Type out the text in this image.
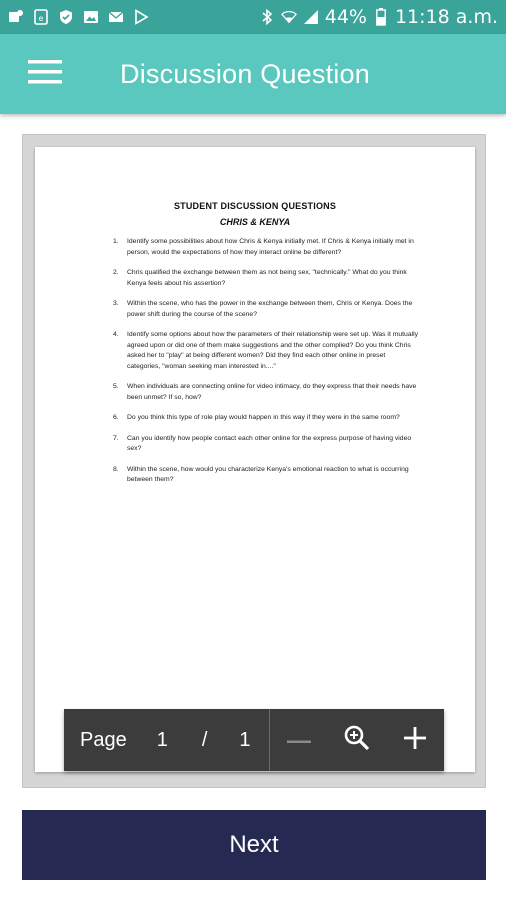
e	44% 11:18 a.m.
Discussion Question
STUDENT DISCUSSION QUESTIONS
CHRIS & KENYA
1.	Identify some possibilities about how Chris & Kenya initially met. If Chris & Kenya initially met in person, would the expectations of how they interact online be different?
2.	Chris qualified the exchange between them as not being sex, "technically." What do you think Kenya feels about his assertion?
3.	Within the scene, who has the power in the exchange between them, Chris or Kenya. Does the power shift during the course of the scene?
4.	Identify some options about how the parameters of their relationship were set up. Was it mutually agreed upon or did one of them make suggestions and the other complied? Do you think Chris asked her to "play" at being different women? Did they find each other online in preset categories, "woman seeking man interested in...."
5.	When individuals are connecting online for video intimacy, do they express that their needs have been unmet? If so, how?
6.	Do you think this type of role play would happen in this way if they were in the same room?
7.	Can you identify how people contact each other online for the express purpose of having video sex?
8.	Within the scene, how would you characterize Kenya's emotional reaction to what is occurring between them?
Page 1 / 1
Next
